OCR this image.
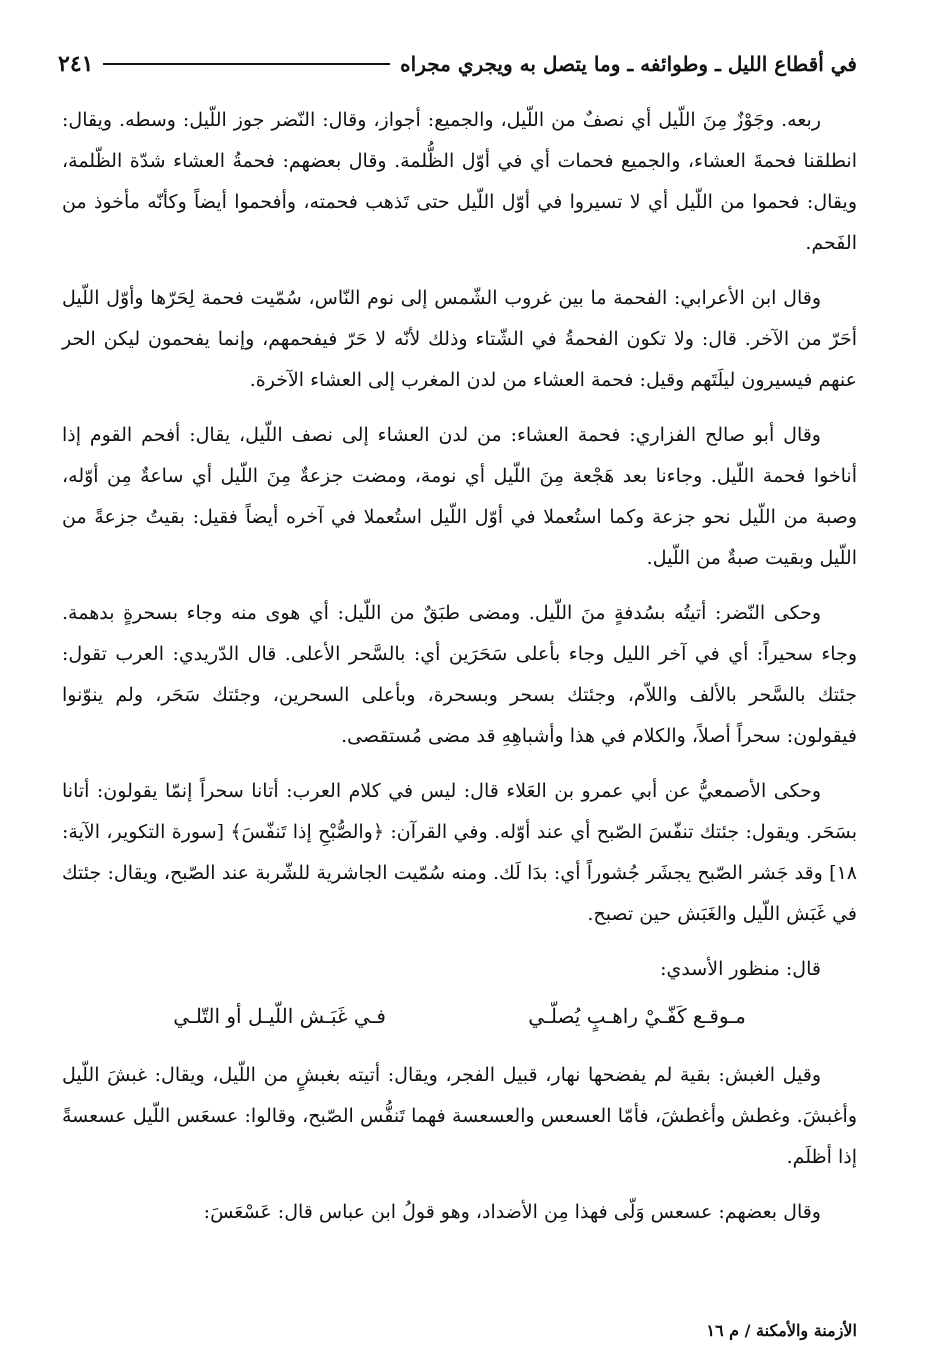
في أقطاع الليل ـ وطوائفه ـ وما يتصل به ويجري مجراه
٢٤١

ربعه. وجَوْزٌ مِنَ اللّيل أي نصفٌ من اللّيل، والجميع: أجواز، وقال: النّضر جوز اللّيل: وسطه. ويقال: انطلقنا فحمةَ العشاء، والجميع فحمات أي في أوّل الظُّلمة. وقال بعضهم: فحمةُ العشاء شدّة الظّلمة، ويقال: فحموا من اللّيل أي لا تسيروا في أوّل اللّيل حتى تَذهب فحمته، وأفحموا أيضاً وكأنّه مأخوذ من الفَحم.

وقال ابن الأعرابي: الفحمة ما بين غروب الشّمس إلى نوم النّاس، سُمّيت فحمة لِحَرّها وأوّل اللّيل أحَرّ من الآخر. قال: ولا تكون الفحمةُ في الشّتاء وذلك لأنّه لا حَرّ فيفحمهم، وإنما يفحمون ليكن الحر عنهم فيسيرون ليلَتَهم وقيل: فحمة العشاء من لدن المغرب إلى العشاء الآخرة.

وقال أبو صالح الفزاري: فحمة العشاء: من لدن العشاء إلى نصف اللّيل، يقال: أفحم القوم إذا أناخوا فحمة اللّيل. وجاءنا بعد هَجْعة مِنَ اللّيل أي نومة، ومضت جزعةٌ مِنَ اللّيل أي ساعةٌ مِن أوّله، وصبة من اللّيل نحو جزعة وكما استُعملا في أوّل اللّيل استُعملا في آخره أيضاً فقيل: بقيتُ جزعةً من اللّيل وبقيت صبةٌ من اللّيل.

وحكى النّضر: أتيتُه بسُدفةٍ منَ اللّيل. ومضى طبَقٌ من اللّيل: أي هوى منه وجاء بسحرةٍ بدهمة. وجاء سحيراً: أي في آخر الليل وجاء بأعلى سَحَرَين أي: بالسَّحر الأعلى. قال الدّريدي: العرب تقول: جئتك بالسَّحر بالألف واللاّم، وجئتك بسحر وبسحرة، وبأعلى السحرين، وجئتك سَحَر، ولم ينوّنوا فيقولون: سحراً أصلاً، والكلام في هذا وأشباهِهِ قد مضى مُستقصى.

وحكى الأصمعيُّ عن أبي عمرو بن العَلاء قال: ليس في كلام العرب: أتانا سحراً إنمّا يقولون: أتانا بسَحَر. ويقول: جئتك تنفّسَ الصّبح أي عند أوّله. وفي القرآن: ﴿والصُّبْحِ إذا تَنفّسَ﴾ [سورة التكوير، الآية: ١٨] وقد جَشر الصّبح يجشَر جُشوراً أي: بدَا لَك. ومنه سُمّيت الجاشرية للشّربة عند الصّبح، ويقال: جئتك في غَبَش اللّيل والغَبَش حين تصبح.

قال: منظور الأسدي:

مـوقـع كَفّـيْ راهـبٍ يُصلّـي
فـي غَبَـش اللّيـل أو التّلـي

وقيل الغبش: بقية لم يفضحها نهار، قبيل الفجر، ويقال: أتيته بغبشٍ من اللّيل، ويقال: غبشَ اللّيل وأغبشَ. وغطش وأغطشَ، فأمّا العسعس والعسعسة فهما تَنفُّس الصّبح، وقالوا: عسعَس اللّيل عسعسةً إذا أظلَم.

وقال بعضهم: عسعس وَلّى فهذا مِن الأضداد، وهو قولُ ابن عباس قال: عَسْعَسَ:

الأزمنة والأمكنة / م ١٦
